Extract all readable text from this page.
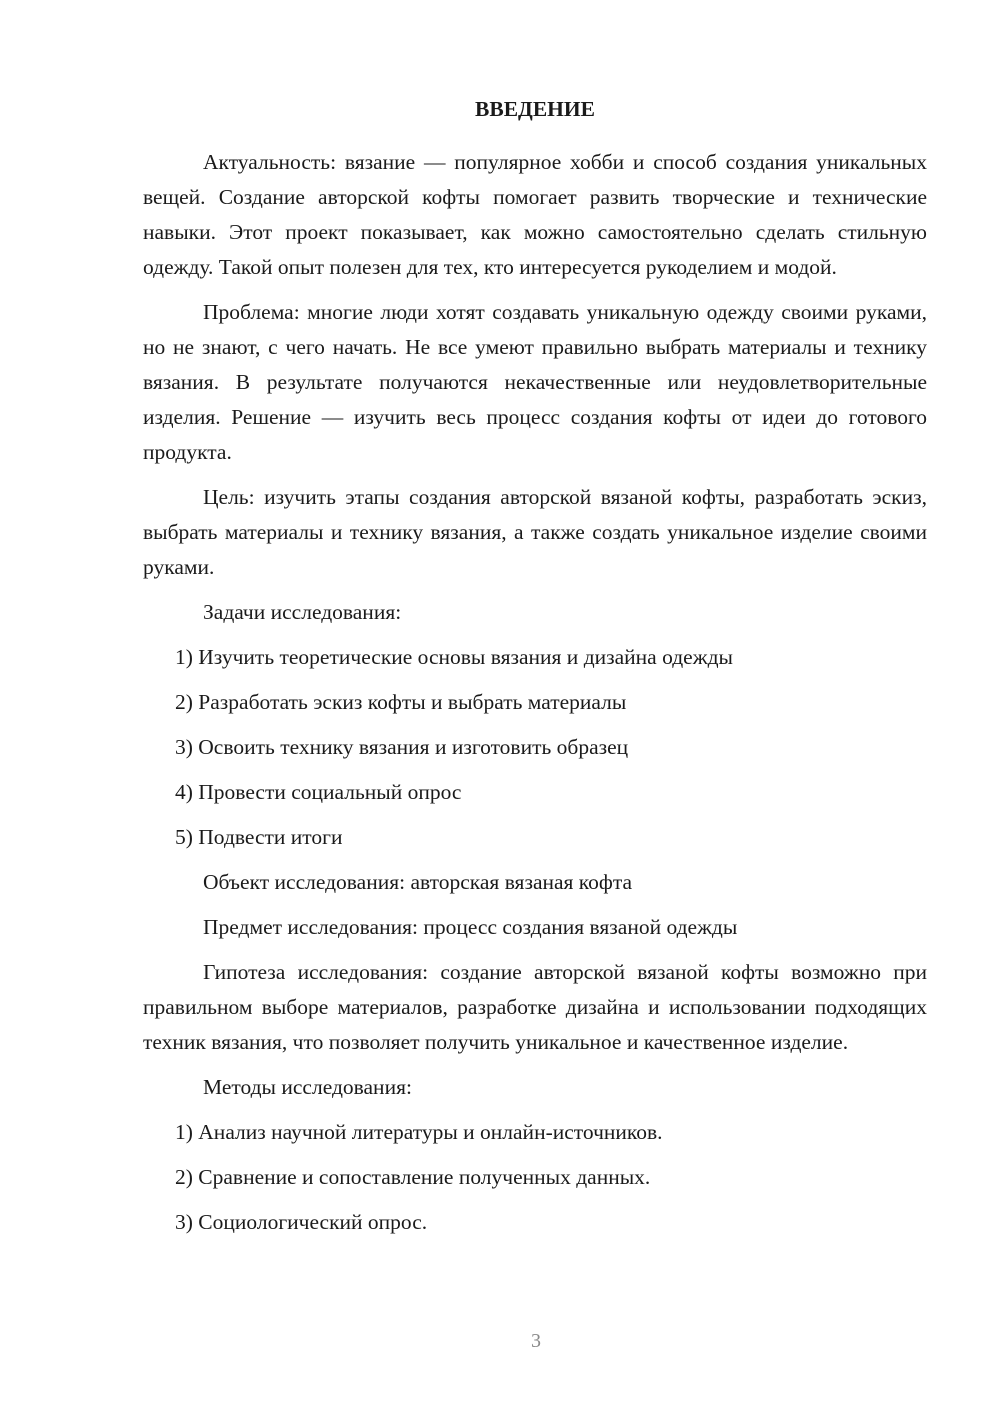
ВВЕДЕНИЕ

Актуальность: вязание — популярное хобби и способ создания уникальных вещей. Создание авторской кофты помогает развить творческие и технические навыки. Этот проект показывает, как можно самостоятельно сделать стильную одежду. Такой опыт полезен для тех, кто интересуется рукоделием и модой.

Проблема: многие люди хотят создавать уникальную одежду своими руками, но не знают, с чего начать. Не все умеют правильно выбрать материалы и технику вязания. В результате получаются некачественные или неудовлетворительные изделия. Решение — изучить весь процесс создания кофты от идеи до готового продукта.

Цель: изучить этапы создания авторской вязаной кофты, разработать эскиз, выбрать материалы и технику вязания, а также создать уникальное изделие своими руками.

Задачи исследования:

1) Изучить теоретические основы вязания и дизайна одежды
2) Разработать эскиз кофты и выбрать материалы
3) Освоить технику вязания и изготовить образец
4) Провести социальный опрос
5) Подвести итоги

Объект исследования: авторская вязаная кофта

Предмет исследования: процесс создания вязаной одежды

Гипотеза исследования: создание авторской вязаной кофты возможно при правильном выборе материалов, разработке дизайна и использовании подходящих техник вязания, что позволяет получить уникальное и качественное изделие.

Методы исследования:

1) Анализ научной литературы и онлайн-источников.
2) Сравнение и сопоставление полученных данных.
3) Социологический опрос.
3
